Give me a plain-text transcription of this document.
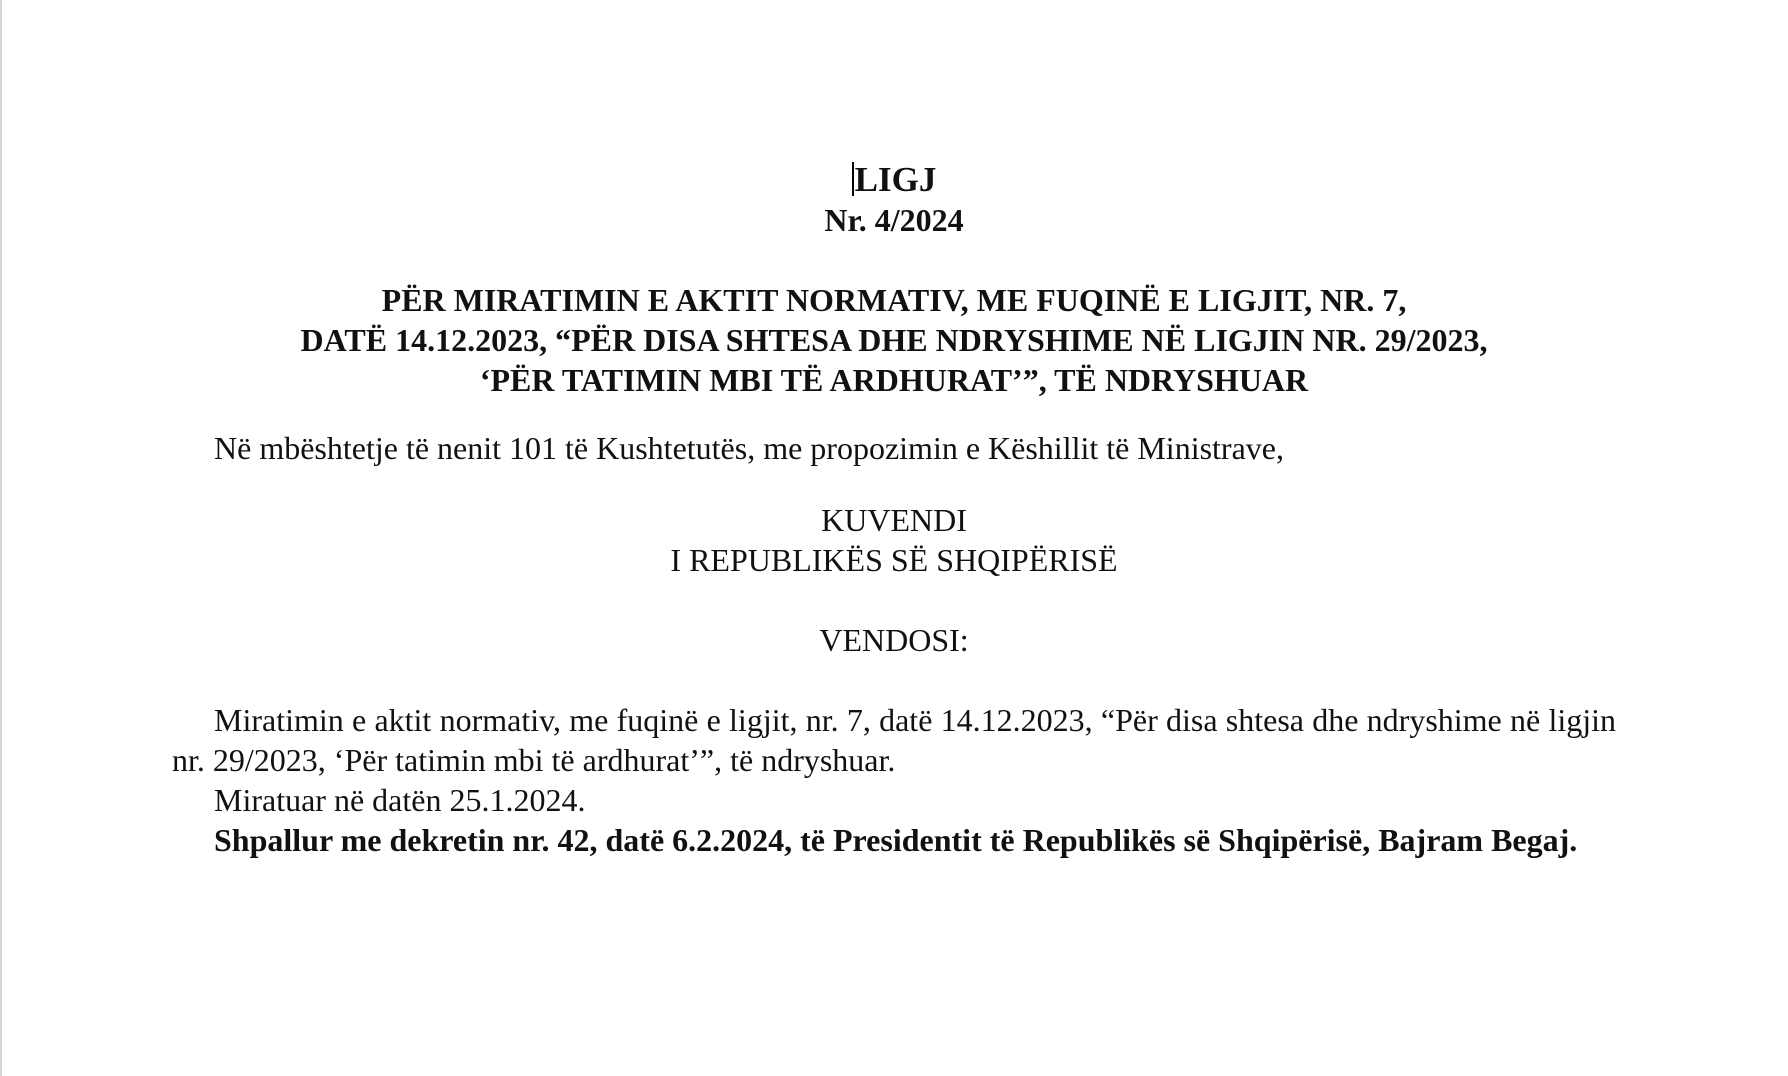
LIGJ
Nr. 4/2024
PËR MIRATIMIN E AKTIT NORMATIV, ME FUQINË E LIGJIT, NR. 7,
DATË 14.12.2023, “PËR DISA SHTESA DHE NDRYSHIME NË LIGJIN NR. 29/2023,
‘PËR TATIMIN MBI TË ARDHURAT’”, TË NDRYSHUAR

Në mbështetje të nenit 101 të Kushtetutës, me propozimin e Këshillit të Ministrave,

KUVENDI
I REPUBLIKËS SË SHQIPËRISË
VENDOSI:

Miratimin e aktit normativ, me fuqinë e ligjit, nr. 7, datë 14.12.2023, “Për disa shtesa dhe ndryshime në ligjin nr. 29/2023, ‘Për tatimin mbi të ardhurat’”, të ndryshuar.

Miratuar në datën 25.1.2024.

Shpallur me dekretin nr. 42, datë 6.2.2024, të Presidentit të Republikës së Shqipërisë, Bajram Begaj.
